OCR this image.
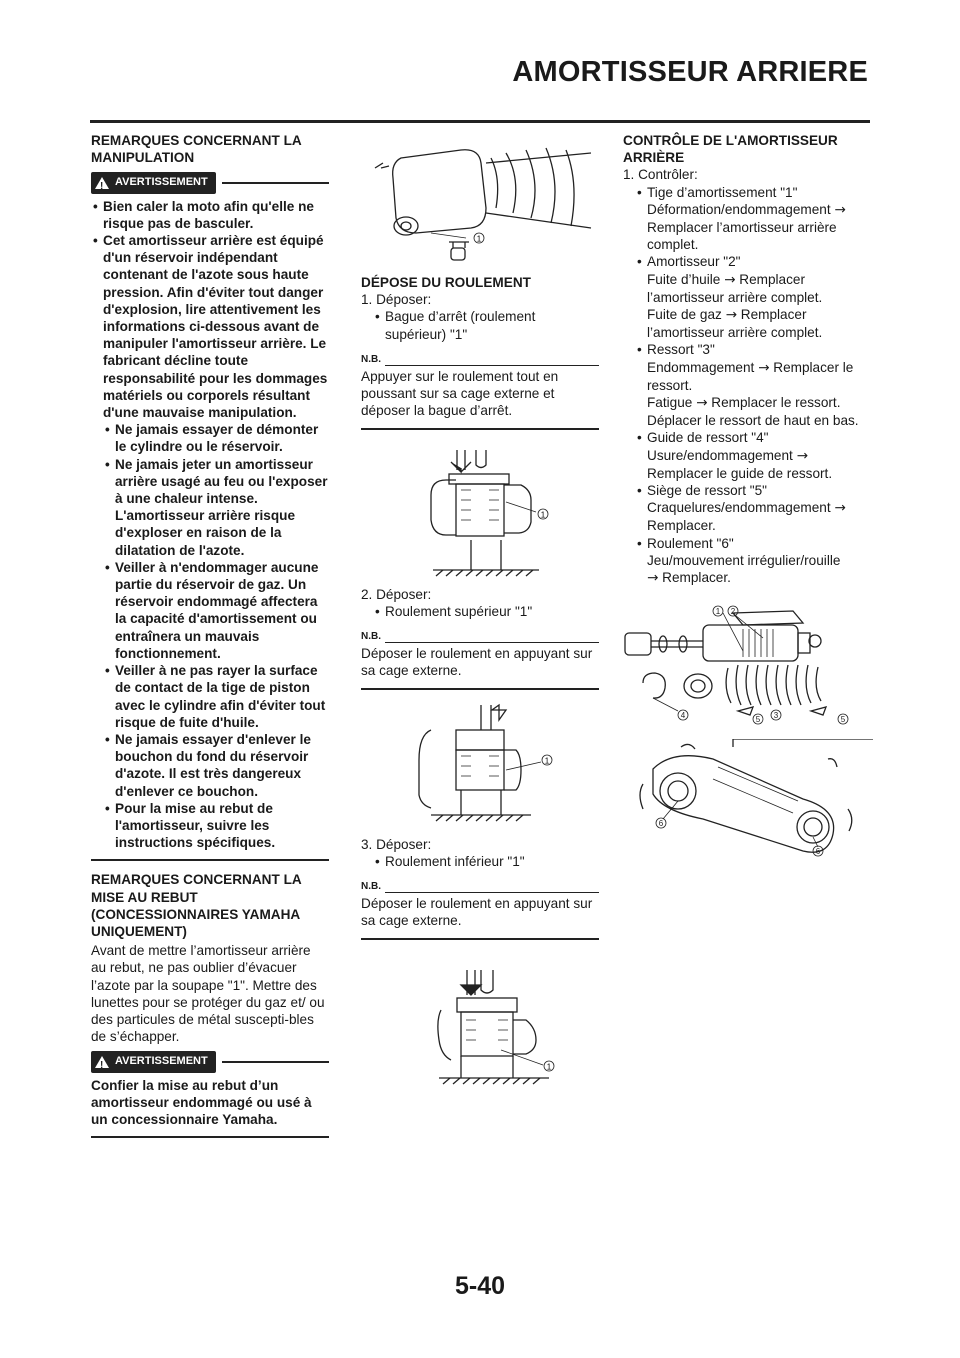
AMORTISSEUR ARRIERE
REMARQUES CONCERNANT LA MANIPULATION
!
AVERTISSEMENT
• Bien caler la moto afin qu'elle ne risque pas de basculer.
• Cet amortisseur arrière est équipé d'un réservoir indépendant contenant de l'azote sous haute pression. Afin d'éviter tout danger d'explosion, lire attentivement les informations ci-dessous avant de manipuler l'amortisseur arrière. Le fabricant décline toute responsabilité pour les dommages matériels ou corporels résultant d'une mauvaise manipulation.
• Ne jamais essayer de démonter le cylindre ou le réservoir.
• Ne jamais jeter un amortisseur arrière usagé au feu ou l'exposer à une chaleur intense. L'amortisseur arrière risque d'exploser en raison de la dilatation de l'azote.
• Veiller à n'endommager aucune partie du réservoir de gaz. Un réservoir endommagé affectera la capacité d'amortissement ou entraînera un mauvais fonctionnement.
• Veiller à ne pas rayer la surface de contact de la tige de piston avec le cylindre afin d'éviter tout risque de fuite d'huile.
• Ne jamais essayer d'enlever le bouchon du fond du réservoir d'azote. Il est très dangereux d'enlever ce bouchon.
• Pour la mise au rebut de l'amortisseur, suivre les instructions spécifiques.
REMARQUES CONCERNANT LA MISE AU REBUT (CONCESSIONNAIRES YAMAHA UNIQUEMENT)

Avant de mettre l’amortisseur arrière au rebut, ne pas oublier d’évacuer l’azote par la soupape "1". Mettre des lunettes pour se protéger du gaz et/ ou des particules de métal suscepti-bles de s’échapper.

!
AVERTISSEMENT

Confier la mise au rebut d’un amortisseur endommagé ou usé à un concessionnaire Yamaha.

1
DÉPOSE DU ROULEMENT

1. Déposer:

• Bague d’arrêt (roulement supérieur) "1"
N.B.

Appuyer sur le roulement tout en poussant sur sa cage externe et déposer la bague d’arrêt.

1

2. Déposer:

• Roulement supérieur "1"
N.B.

Déposer le roulement en appuyant sur sa cage externe.

1

3. Déposer:

• Roulement inférieur "1"
N.B.

Déposer le roulement en appuyant sur sa cage externe.

1
CONTRÔLE DE L'AMORTISSEUR ARRIÈRE

1. Contrôler:

• Tige d’amortissement "1"
Déformation/endommagement →
Remplacer l’amortisseur arrière complet.
• Amortisseur "2"
Fuite d’huile → Remplacer l’amortisseur arrière complet.
Fuite de gaz → Remplacer l’amortisseur arrière complet.
• Ressort "3"
Endommagement → Remplacer le ressort.
Fatigue → Remplacer le ressort.
Déplacer le ressort de haut en bas.
• Guide de ressort "4"
Usure/endommagement → Remplacer le guide de ressort.
• Siège de ressort "5"
Craquelures/endommagement →
Remplacer.
• Roulement "6"
Jeu/mouvement irrégulier/rouille
→ Remplacer.
1 2
3
4	5	5
6
6
5-40
